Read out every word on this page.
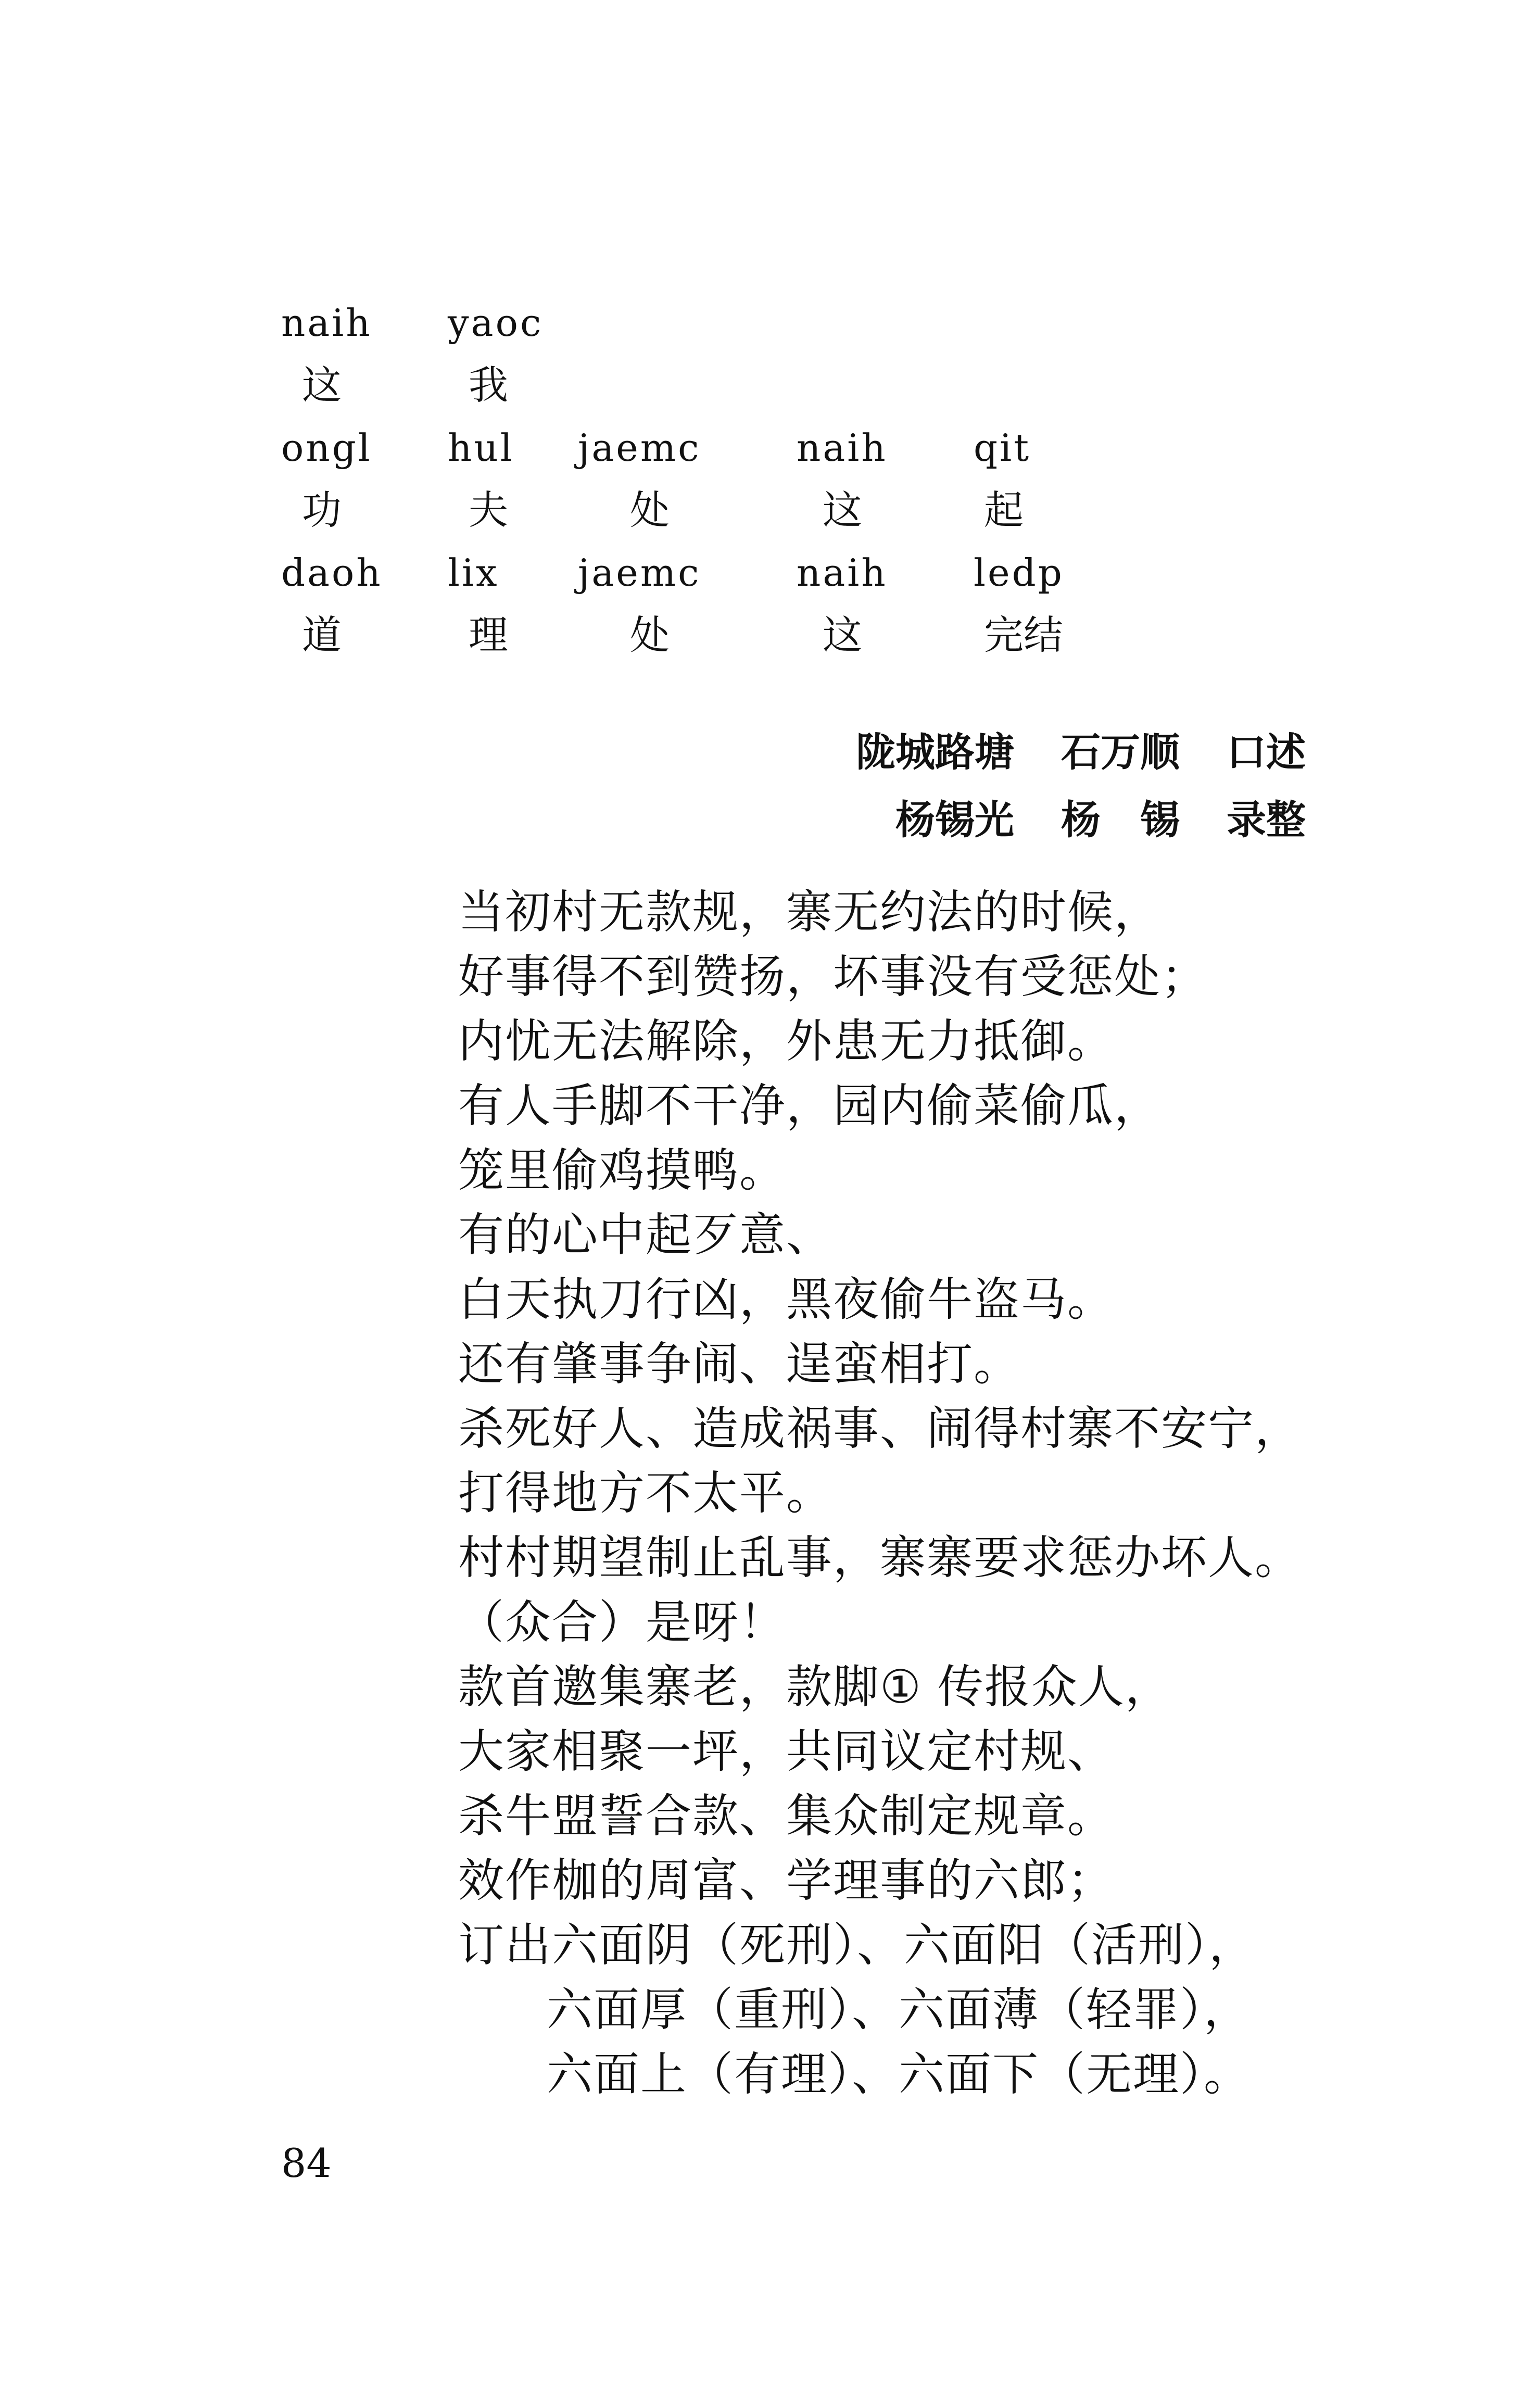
naih	yaoc
这	我
ongl	hul	jaemc	naih	qit
功	夫	处	这	起
daoh	lix	jaemc	naih	ledp
道	理	处	这	完结
陇城路塘 石万顺 口述
杨锡光 杨　锡 录整
当初村无款规，寨无约法的时候，
好事得不到赞扬，坏事没有受惩处；
内忧无法解除，外患无力抵御。
有人手脚不干净，园内偷菜偷瓜，
笼里偷鸡摸鸭。
有的心中起歹意、
白天执刀行凶，黑夜偷牛盗马。
还有肇事争闹、逞蛮相打。
杀死好人、造成祸事、闹得村寨不安宁，
打得地方不太平。
村村期望制止乱事，寨寨要求惩办坏人。
（众合）是呀！
款首邀集寨老，款脚① 传报众人，
大家相聚一坪，共同议定村规、
杀牛盟誓合款、集众制定规章。
效作枷的周富、学理事的六郎；
订出六面阴（死刑）、六面阳（活刑），
六面厚（重刑）、六面薄（轻罪），
六面上（有理）、六面下（无理）。
84
